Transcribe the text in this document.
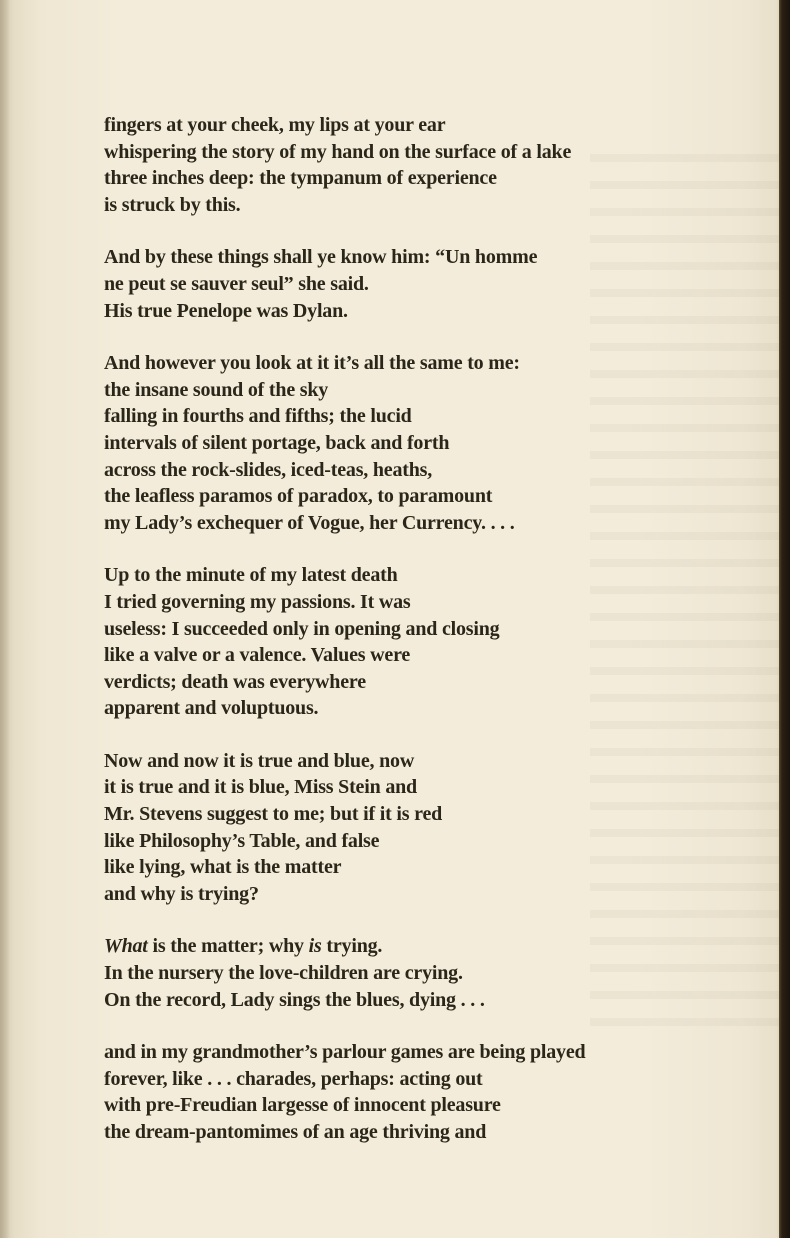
fingers at your cheek, my lips at your ear
whispering the story of my hand on the surface of a lake
three inches deep: the tympanum of experience
is struck by this.

And by these things shall ye know him: “Un homme
ne peut se sauver seul” she said.
His true Penelope was Dylan.

And however you look at it it’s all the same to me:
the insane sound of the sky
falling in fourths and fifths; the lucid
intervals of silent portage, back and forth
across the rock-slides, iced-teas, heaths,
the leafless paramos of paradox, to paramount
my Lady’s exchequer of Vogue, her Currency. . . .

Up to the minute of my latest death
I tried governing my passions. It was
useless: I succeeded only in opening and closing
like a valve or a valence. Values were
verdicts; death was everywhere
apparent and voluptuous.

Now and now it is true and blue, now
it is true and it is blue, Miss Stein and
Mr. Stevens suggest to me; but if it is red
like Philosophy’s Table, and false
like lying, what is the matter
and why is trying?

What is the matter; why is trying.
In the nursery the love-children are crying.
On the record, Lady sings the blues, dying . . .

and in my grandmother’s parlour games are being played
forever, like . . . charades, perhaps: acting out
with pre-Freudian largesse of innocent pleasure
the dream-pantomimes of an age thriving and
